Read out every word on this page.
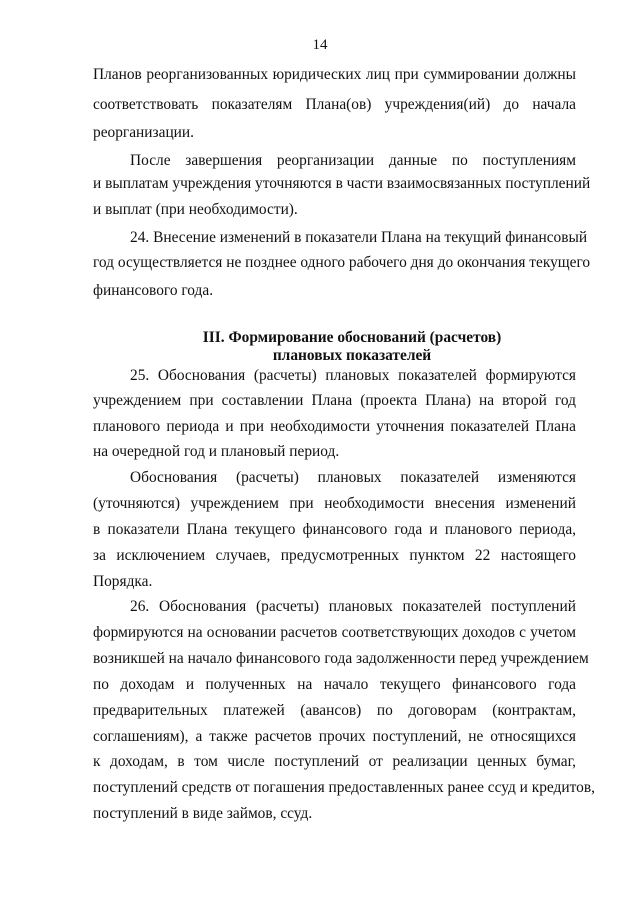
14
Планов реорганизованных юридических лиц при суммировании должны
соответствовать показателям Плана(ов) учреждения(ий) до начала
реорганизации.
После завершения реорганизации данные по поступлениям
и выплатам учреждения уточняются в части взаимосвязанных поступлений
и выплат (при необходимости).
24. Внесение изменений в показатели Плана на текущий финансовый
год осуществляется не позднее одного рабочего дня до окончания текущего
финансового года.
III. Формирование обоснований (расчетов)
плановых показателей
25. Обоснования (расчеты) плановых показателей формируются
учреждением при составлении Плана (проекта Плана) на второй год
планового периода и при необходимости уточнения показателей Плана
на очередной год и плановый период.
Обоснования (расчеты) плановых показателей изменяются
(уточняются) учреждением при необходимости внесения изменений
в показатели Плана текущего финансового года и планового периода,
за исключением случаев, предусмотренных пунктом 22 настоящего
Порядка.
26. Обоснования (расчеты) плановых показателей поступлений
формируются на основании расчетов соответствующих доходов с учетом
возникшей на начало финансового года задолженности перед учреждением
по доходам и полученных на начало текущего финансового года
предварительных платежей (авансов) по договорам (контрактам,
соглашениям), а также расчетов прочих поступлений, не относящихся
к доходам, в том числе поступлений от реализации ценных бумаг,
поступлений средств от погашения предоставленных ранее ссуд и кредитов,
поступлений в виде займов, ссуд.
